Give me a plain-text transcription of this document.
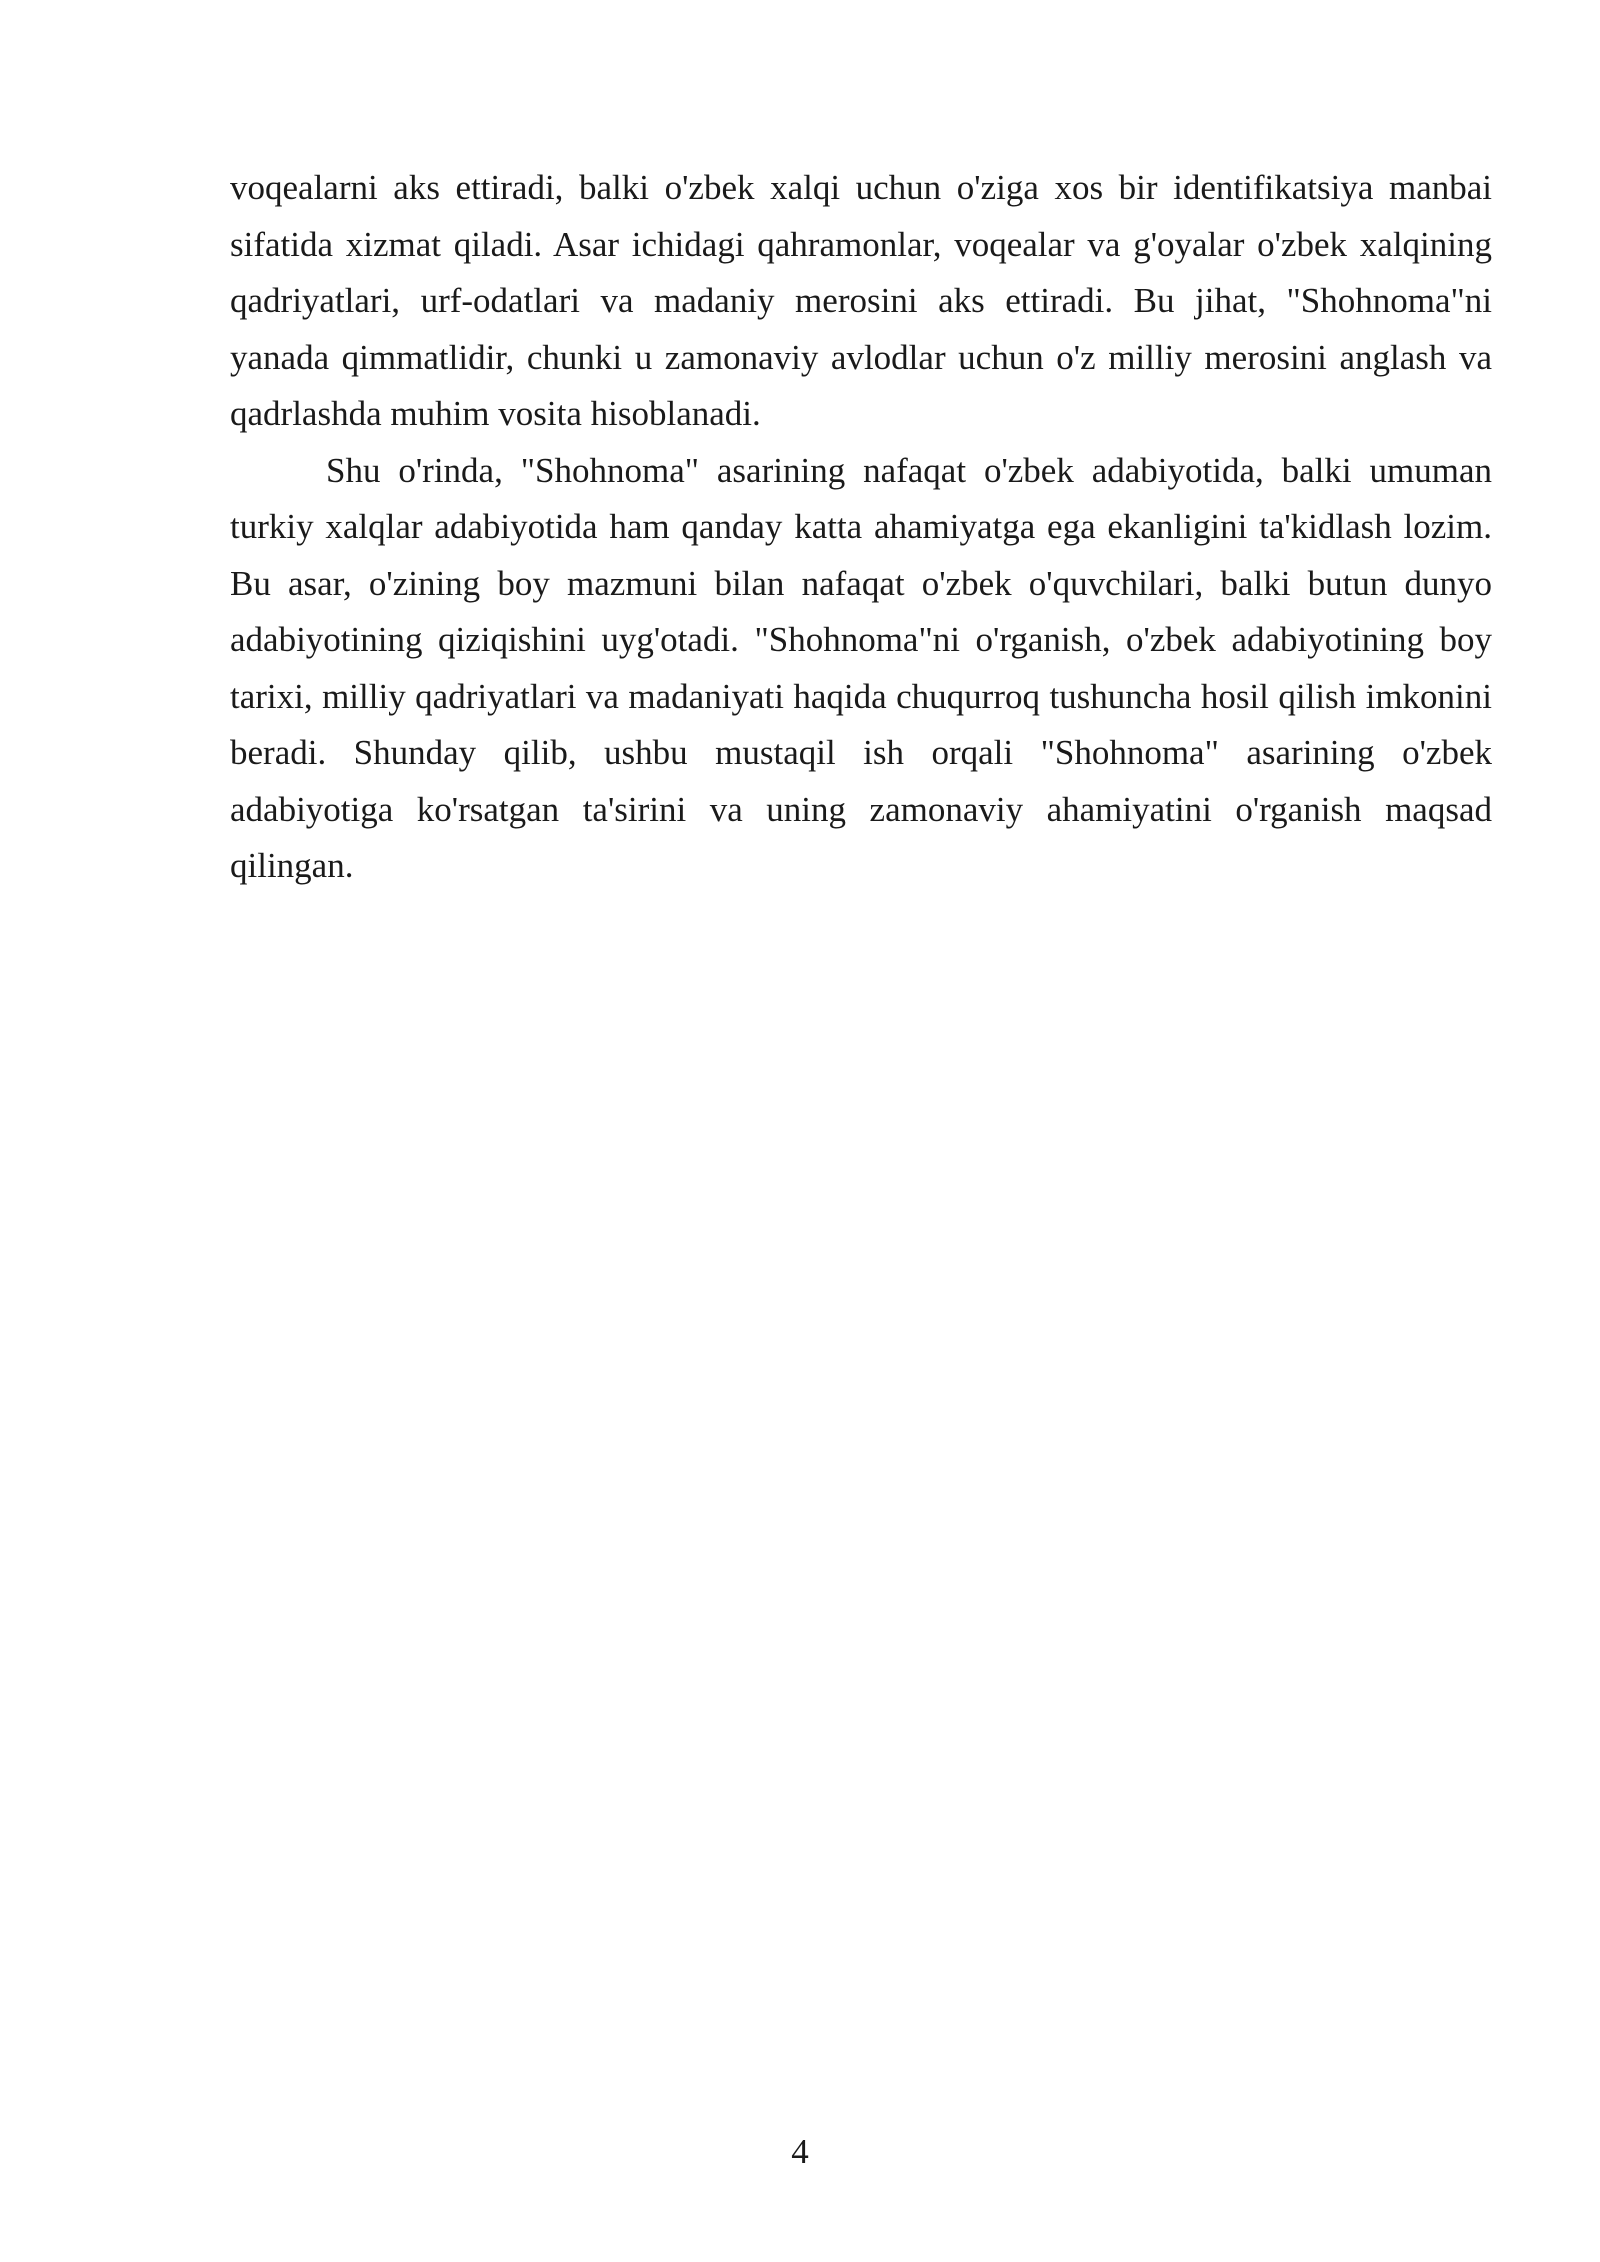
voqealarni aks ettiradi, balki o'zbek xalqi uchun o'ziga xos bir identifikatsiya manbai sifatida xizmat qiladi. Asar ichidagi qahramonlar, voqealar va g'oyalar o'zbek xalqining qadriyatlari, urf-odatlari va madaniy merosini aks ettiradi. Bu jihat, "Shohnoma"ni yanada qimmatlidir, chunki u zamonaviy avlodlar uchun o'z milliy merosini anglash va qadrlashda muhim vosita hisoblanadi.

Shu o'rinda, "Shohnoma" asarining nafaqat o'zbek adabiyotida, balki umuman turkiy xalqlar adabiyotida ham qanday katta ahamiyatga ega ekanligini ta'kidlash lozim. Bu asar, o'zining boy mazmuni bilan nafaqat o'zbek o'quvchilari, balki butun dunyo adabiyotining qiziqishini uyg'otadi. "Shohnoma"ni o'rganish, o'zbek adabiyotining boy tarixi, milliy qadriyatlari va madaniyati haqida chuqurroq tushuncha hosil qilish imkonini beradi. Shunday qilib, ushbu mustaqil ish orqali "Shohnoma" asarining o'zbek adabiyotiga ko'rsatgan ta'sirini va uning zamonaviy ahamiyatini o'rganish maqsad qilingan.

4
